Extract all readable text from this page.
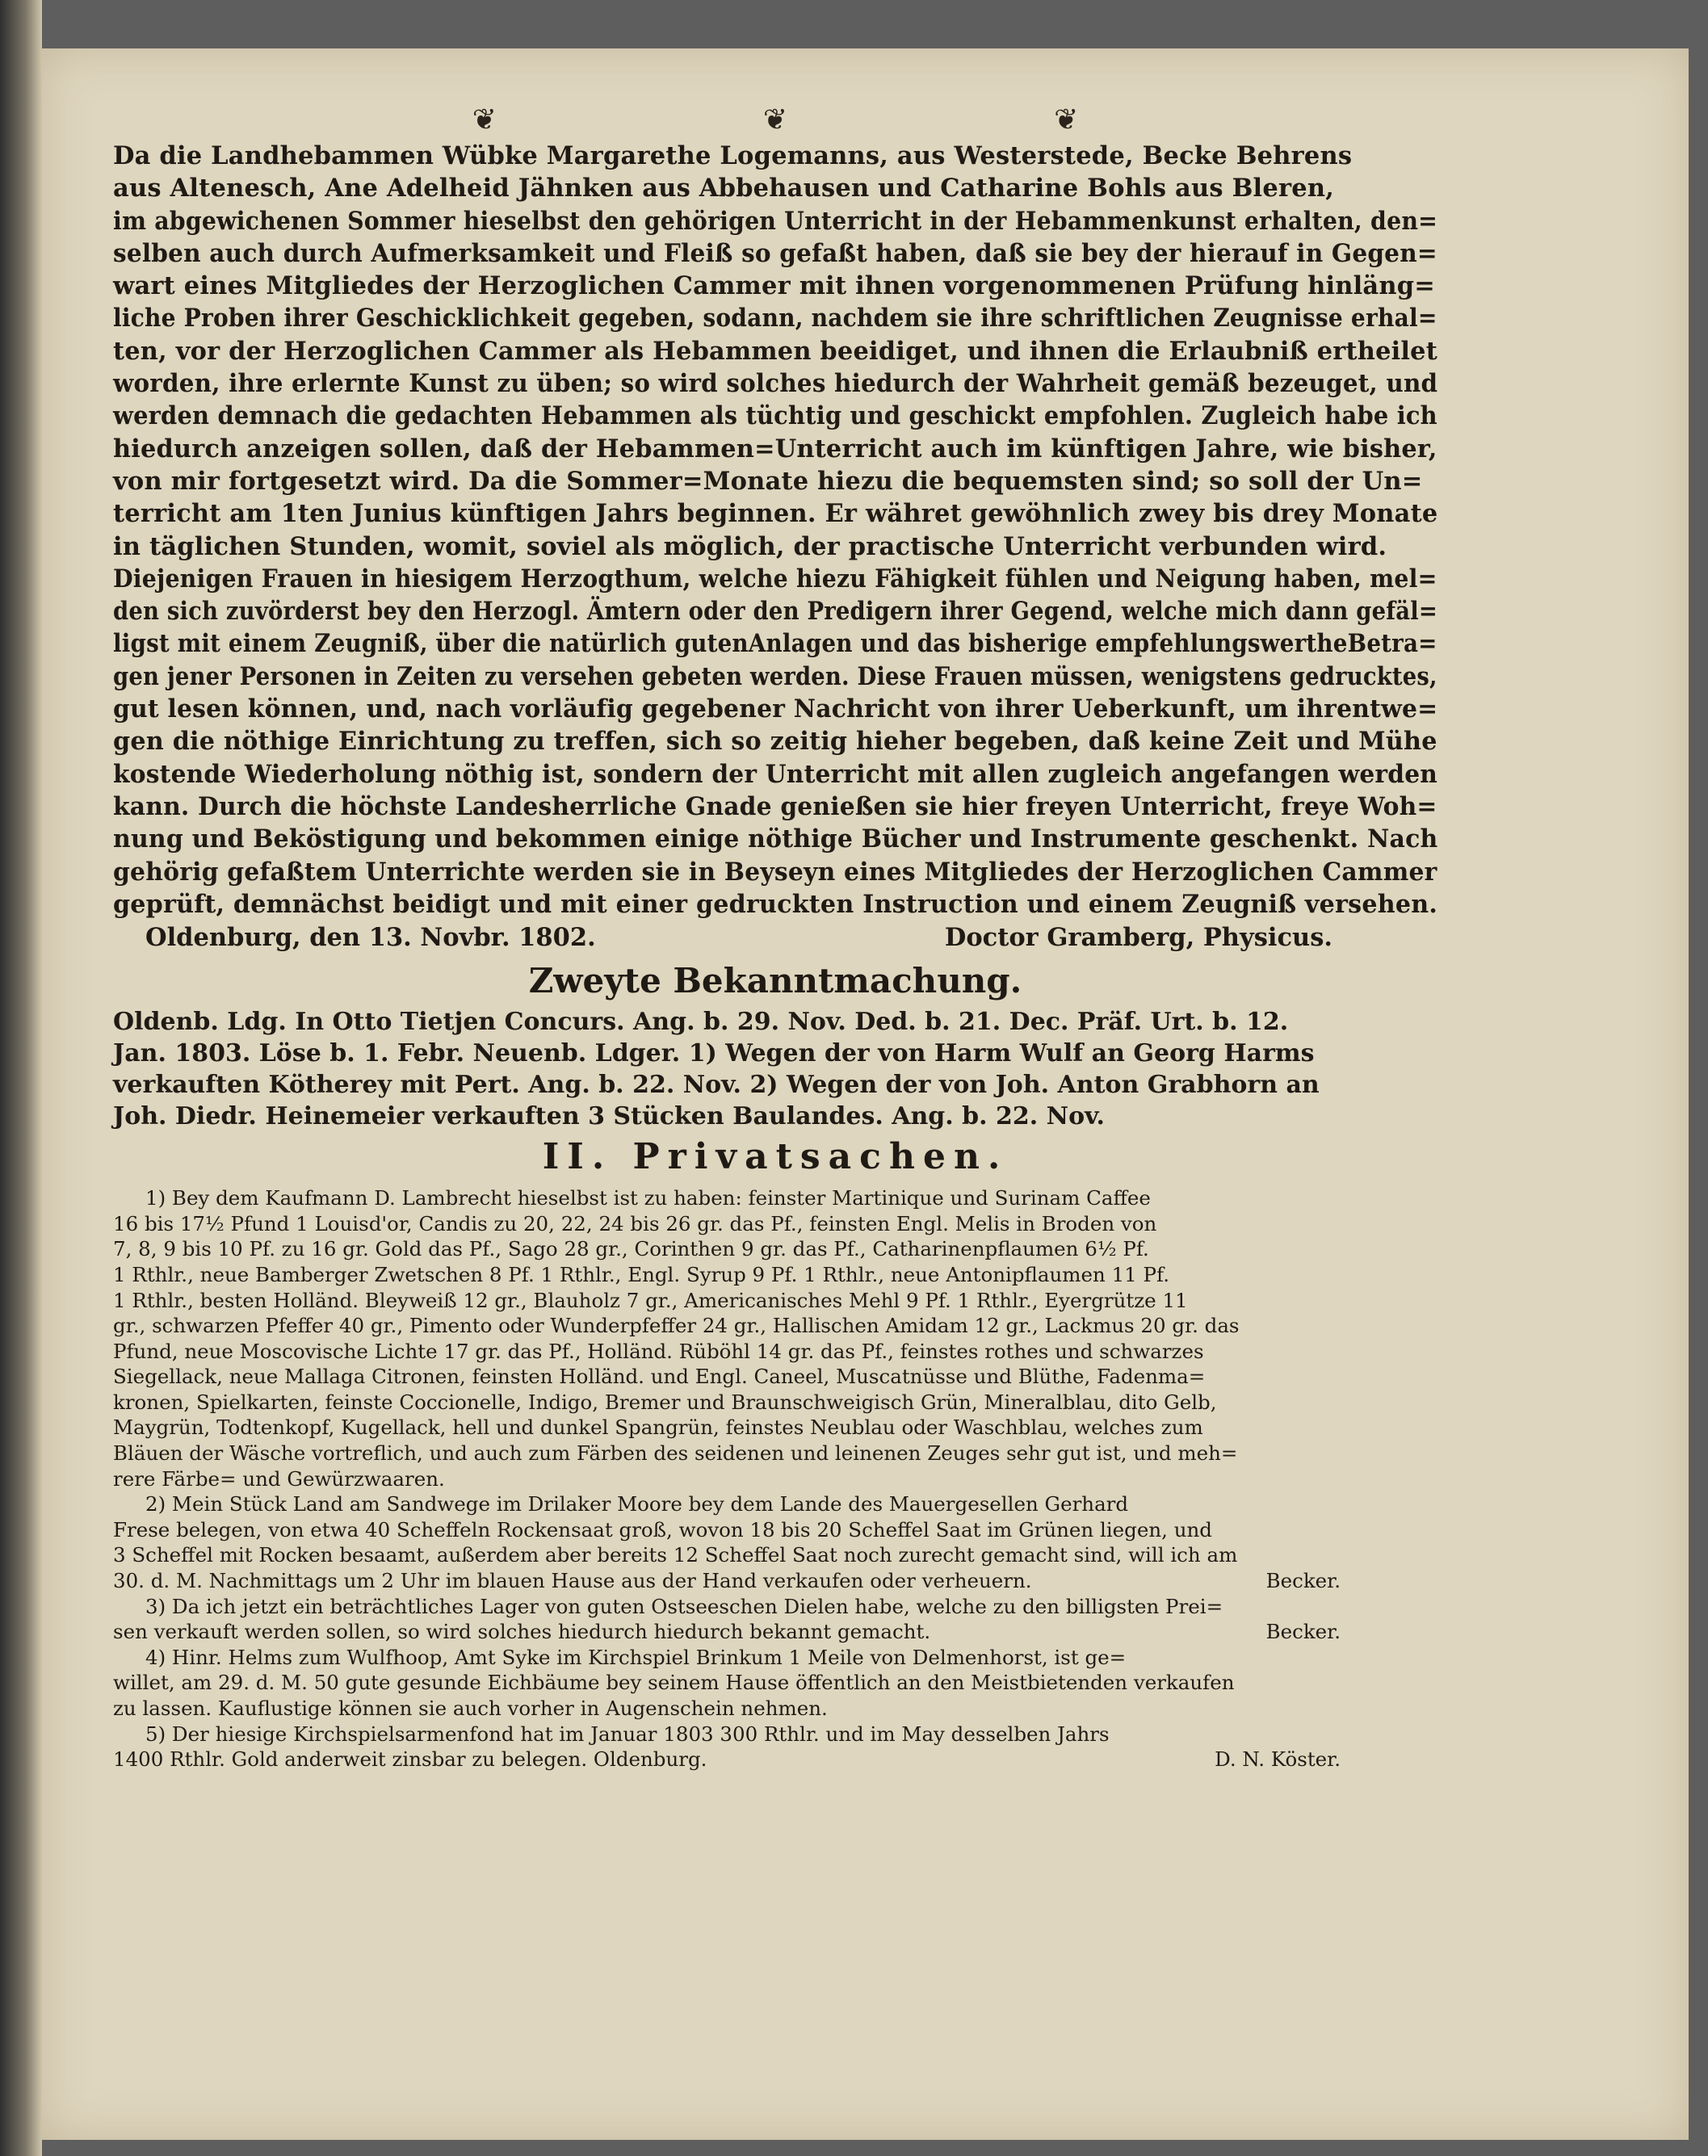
❦	❦	❦

Da die Landhebammen Wübke Margarethe Logemanns, aus Westerstede, Becke Behrens
aus Altenesch, Ane Adelheid Jähnken aus Abbehausen und Catharine Bohls aus Bleren,
im abgewichenen Sommer hieselbst den gehörigen Unterricht in der Hebammenkunst erhalten, den=
selben auch durch Aufmerksamkeit und Fleiß so gefaßt haben, daß sie bey der hierauf in Gegen=
wart eines Mitgliedes der Herzoglichen Cammer mit ihnen vorgenommenen Prüfung hinläng=
liche Proben ihrer Geschicklichkeit gegeben, sodann, nachdem sie ihre schriftlichen Zeugnisse erhal=
ten, vor der Herzoglichen Cammer als Hebammen beeidiget, und ihnen die Erlaubniß ertheilet
worden, ihre erlernte Kunst zu üben; so wird solches hiedurch der Wahrheit gemäß bezeuget, und
werden demnach die gedachten Hebammen als tüchtig und geschickt empfohlen. Zugleich habe ich
hiedurch anzeigen sollen, daß der Hebammen=Unterricht auch im künftigen Jahre, wie bisher,
von mir fortgesetzt wird. Da die Sommer=Monate hiezu die bequemsten sind; so soll der Un=
terricht am 1ten Junius künftigen Jahrs beginnen. Er währet gewöhnlich zwey bis drey Monate
in täglichen Stunden, womit, soviel als möglich, der practische Unterricht verbunden wird.
Diejenigen Frauen in hiesigem Herzogthum, welche hiezu Fähigkeit fühlen und Neigung haben, mel=
den sich zuvörderst bey den Herzogl. Ämtern oder den Predigern ihrer Gegend, welche mich dann gefäl=
ligst mit einem Zeugniß, über die natürlich gutenAnlagen und das bisherige empfehlungswertheBetra=
gen jener Personen in Zeiten zu versehen gebeten werden. Diese Frauen müssen, wenigstens gedrucktes,
gut lesen können, und, nach vorläufig gegebener Nachricht von ihrer Ueberkunft, um ihrentwe=
gen die nöthige Einrichtung zu treffen, sich so zeitig hieher begeben, daß keine Zeit und Mühe
kostende Wiederholung nöthig ist, sondern der Unterricht mit allen zugleich angefangen werden
kann. Durch die höchste Landesherrliche Gnade genießen sie hier freyen Unterricht, freye Woh=
nung und Beköstigung und bekommen einige nöthige Bücher und Instrumente geschenkt. Nach
gehörig gefaßtem Unterrichte werden sie in Beyseyn eines Mitgliedes der Herzoglichen Cammer
geprüft, demnächst beidigt und mit einer gedruckten Instruction und einem Zeugniß versehen.

Oldenburg, den 13. Novbr. 1802.	Doctor Gramberg, Physicus.
Zweyte Bekanntmachung.
Oldenb. Ldg. In Otto Tietjen Concurs. Ang. b. 29. Nov. Ded. b. 21. Dec. Präf. Urt. b. 12.
Jan. 1803. Löse b. 1. Febr. Neuenb. Ldger. 1) Wegen der von Harm Wulf an Georg Harms
verkauften Kötherey mit Pert. Ang. b. 22. Nov. 2) Wegen der von Joh. Anton Grabhorn an
Joh. Diedr. Heinemeier verkauften 3 Stücken Baulandes. Ang. b. 22. Nov.
II. Privatsachen.
1) Bey dem Kaufmann D. Lambrecht hieselbst ist zu haben: feinster Martinique und Surinam Caffee
16 bis 17½ Pfund 1 Louisd'or, Candis zu 20, 22, 24 bis 26 gr. das Pf., feinsten Engl. Melis in Broden von
7, 8, 9 bis 10 Pf. zu 16 gr. Gold das Pf., Sago 28 gr., Corinthen 9 gr. das Pf., Catharinenpflaumen 6½ Pf.
1 Rthlr., neue Bamberger Zwetschen 8 Pf. 1 Rthlr., Engl. Syrup 9 Pf. 1 Rthlr., neue Antonipflaumen 11 Pf.
1 Rthlr., besten Holländ. Bleyweiß 12 gr., Blauholz 7 gr., Americanisches Mehl 9 Pf. 1 Rthlr., Eyergrütze 11
gr., schwarzen Pfeffer 40 gr., Pimento oder Wunderpfeffer 24 gr., Hallischen Amidam 12 gr., Lackmus 20 gr. das
Pfund, neue Moscovische Lichte 17 gr. das Pf., Holländ. Rüböhl 14 gr. das Pf., feinstes rothes und schwarzes
Siegellack, neue Mallaga Citronen, feinsten Holländ. und Engl. Caneel, Muscatnüsse und Blüthe, Fadenma=
kronen, Spielkarten, feinste Coccionelle, Indigo, Bremer und Braunschweigisch Grün, Mineralblau, dito Gelb,
Maygrün, Todtenkopf, Kugellack, hell und dunkel Spangrün, feinstes Neublau oder Waschblau, welches zum
Bläuen der Wäsche vortreflich, und auch zum Färben des seidenen und leinenen Zeuges sehr gut ist, und meh=
rere Färbe= und Gewürzwaaren.
2) Mein Stück Land am Sandwege im Drilaker Moore bey dem Lande des Mauergesellen Gerhard
Frese belegen, von etwa 40 Scheffeln Rockensaat groß, wovon 18 bis 20 Scheffel Saat im Grünen liegen, und
3 Scheffel mit Rocken besaamt, außerdem aber bereits 12 Scheffel Saat noch zurecht gemacht sind, will ich am
30. d. M. Nachmittags um 2 Uhr im blauen Hause aus der Hand verkaufen oder verheuern.	Becker.
3) Da ich jetzt ein beträchtliches Lager von guten Ostseeschen Dielen habe, welche zu den billigsten Prei=
sen verkauft werden sollen, so wird solches hiedurch hiedurch bekannt gemacht.	Becker.
4) Hinr. Helms zum Wulfhoop, Amt Syke im Kirchspiel Brinkum 1 Meile von Delmenhorst, ist ge=
willet, am 29. d. M. 50 gute gesunde Eichbäume bey seinem Hause öffentlich an den Meistbietenden verkaufen
zu lassen. Kauflustige können sie auch vorher in Augenschein nehmen.
5) Der hiesige Kirchspielsarmenfond hat im Januar 1803 300 Rthlr. und im May desselben Jahrs
1400 Rthlr. Gold anderweit zinsbar zu belegen. Oldenburg.	D. N. Köster.
